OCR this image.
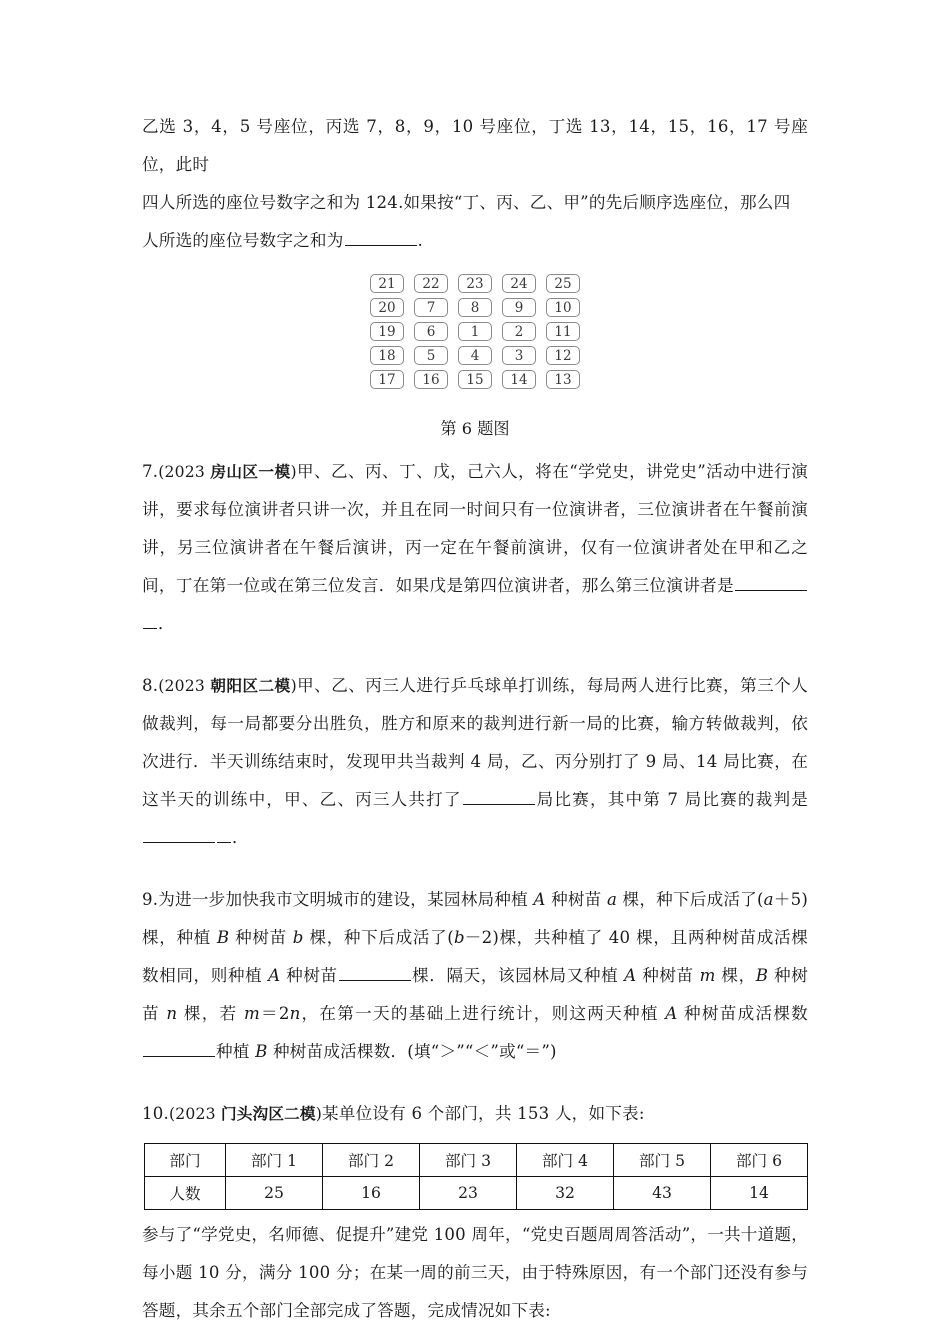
乙选 3，4，5 号座位，丙选 7，8，9，10 号座位，丁选 13，14，15，16，17 号座位，此时

四人所选的座位号数字之和为 124.如果按“丁、丙、乙、甲”的先后顺序选座位，那么四

人所选的座位号数字之和为	.

21	22	23	24	25
20	7	8	9	10
19	6	1	2	11
18	5	4	3	12
17	16	15	14	13
第 6 题图

7.(2023 房山区一模)甲、乙、丙、丁、戊，己六人，将在“学党史，讲党史”活动中进行演讲，要求每位演讲者只讲一次，并且在同一时间只有一位演讲者，三位演讲者在午餐前演讲，另三位演讲者在午餐后演讲，丙一定在午餐前演讲，仅有一位演讲者处在甲和乙之间，丁在第一位或在第三位发言．如果戊是第四位演讲者，那么第三位演讲者是．

8.(2023 朝阳区二模)甲、乙、丙三人进行乒乓球单打训练，每局两人进行比赛，第三个人做裁判，每一局都要分出胜负，胜方和原来的裁判进行新一局的比赛，输方转做裁判，依次进行．半天训练结束时，发现甲共当裁判 4 局，乙、丙分别打了 9 局、14 局比赛，在这半天的训练中，甲、乙、丙三人共打了	局比赛，其中第 7 局比赛的裁判是．

9.为进一步加快我市文明城市的建设，某园林局种植 A 种树苗 a 棵，种下后成活了(a＋5)棵，种植 B 种树苗 b 棵，种下后成活了(b－2)棵，共种植了 40 棵，且两种树苗成活棵数相同，则种植 A 种树苗	棵．隔天，该园林局又种植 A 种树苗 m 棵，B 种树苗 n 棵，若 m＝2n，在第一天的基础上进行统计，则这两天种植 A 种树苗成活棵数种植 B 种树苗成活棵数．(填“＞”“＜”或“＝”)

10.(2023 门头沟区二模)某单位设有 6 个部门，共 153 人，如下表:

部门	部门 1	部门 2	部门 3	部门 4	部门 5	部门 6
人数	25	16	23	32	43	14

参与了“学党史，名师德、促提升”建党 100 周年，“党史百题周周答活动”，一共十道题，每小题 10 分，满分 100 分；在某一周的前三天，由于特殊原因，有一个部门还没有参与答题，其余五个部门全部完成了答题，完成情况如下表:
